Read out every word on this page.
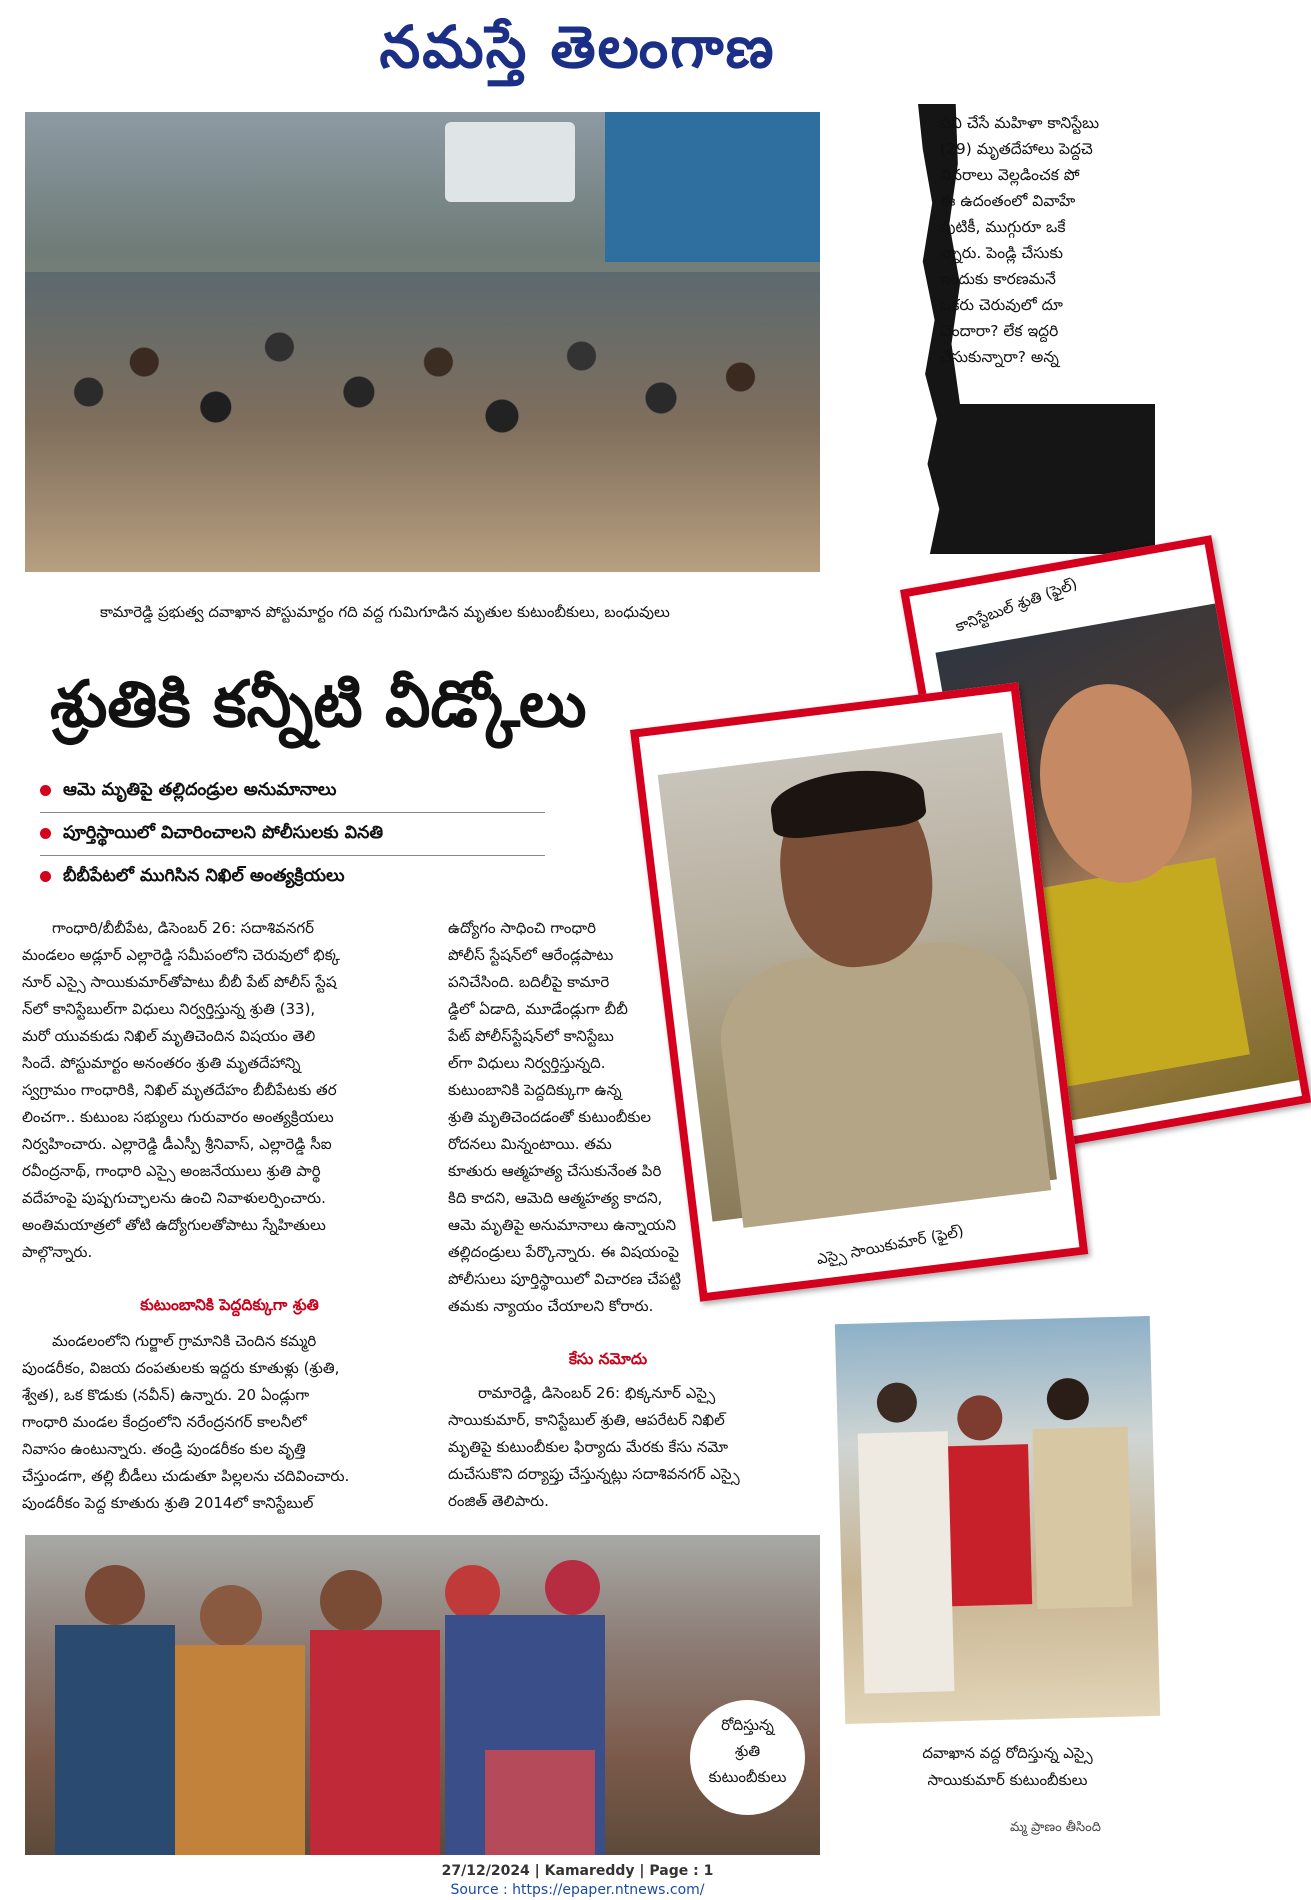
నమస్తే తెలంగాణ
పని చేసే మహిళా కానిస్టేబు
(29) మృతదేహాలు పెద్దచె
వివరాలు వెల్లడించక పో
ఈ ఉదంతంలో వివాహే
పుటికీ, ముగ్గురూ ఒకే
న్నారు. పెండ్లి చేసుకు
ఇందుకు కారణమనే
ఒకరు చెరువులో దూ
చెందారా? లేక ఇద్దరి
చేసుకున్నారా? అన్న
కామారెడ్డి ప్రభుత్వ దవాఖాన పోస్టుమార్టం గది వద్ద గుమిగూడిన మృతుల కుటుంబీకులు, బంధువులు	కానిస్టేబుల్ శ్రుతి (ఫైల్)
శ్రుతికి కన్నీటి వీడ్కోలు
ఆమె మృతిపై తల్లిదండ్రుల అనుమానాలు
పూర్తిస్థాయిలో విచారించాలని పోలీసులకు వినతి
బీబీపేటలో ముగిసిన నిఖిల్ అంత్యక్రియలు
ఎస్సై సాయికుమార్ (ఫైల్)
గాంధారి/బీబీపేట, డిసెంబర్ 26: సదాశివనగర్
మండలం అడ్లూర్ ఎల్లారెడ్డి సమీపంలోని చెరువులో భిక్క
నూర్ ఎస్సై సాయికుమార్‌తోపాటు బీబీ పేట్ పోలీస్ స్టేష
న్‌లో కానిస్టేబుల్‌గా విధులు నిర్వర్తిస్తున్న శ్రుతి (33),
మరో యువకుడు నిఖిల్ మృతిచెందిన విషయం తెలి
సిందే. పోస్టుమార్టం అనంతరం శ్రుతి మృతదేహాన్ని
స్వగ్రామం గాంధారికి, నిఖిల్ మృతదేహం బీబీపేటకు తర
లించగా.. కుటుంబ సభ్యులు గురువారం అంత్యక్రియలు
నిర్వహించారు. ఎల్లారెడ్డి డీఎస్పీ శ్రీనివాస్, ఎల్లారెడ్డి సీఐ
రవీంద్రనాథ్, గాంధారి ఎస్సై అంజనేయులు శ్రుతి పార్థి
వదేహంపై పుష్పగుచ్ఛాలను ఉంచి నివాళులర్పించారు.
అంతిమయాత్రలో తోటి ఉద్యోగులతోపాటు స్నేహితులు
పాల్గొన్నారు.
కుటుంబానికి పెద్దదిక్కుగా శ్రుతి
మండలంలోని గుర్జాల్ గ్రామానికి చెందిన కమ్మరి
పుండరీకం, విజయ దంపతులకు ఇద్దరు కూతుళ్లు (శ్రుతి,
శ్వేత), ఒక కొడుకు (నవీన్) ఉన్నారు. 20 ఏండ్లుగా
గాంధారి మండల కేంద్రంలోని నరేంద్రనగర్ కాలనీలో
నివాసం ఉంటున్నారు. తండ్రి పుండరీకం కుల వృత్తి
చేస్తుండగా, తల్లి బీడీలు చుడుతూ పిల్లలను చదివించారు.
పుండరీకం పెద్ద కూతురు శ్రుతి 2014లో కానిస్టేబుల్
ఉద్యోగం సాధించి గాంధారి
పోలీస్ స్టేషన్‌లో ఆరేండ్లపాటు
పనిచేసింది. బదిలీపై కామారె
డ్డిలో ఏడాది, మూడేండ్లుగా బీబీ
పేట్ పోలీస్‌స్టేషన్‌లో కానిస్టేబు
ల్‌గా విధులు నిర్వర్తిస్తున్నది.
కుటుంబానికి పెద్దదిక్కుగా ఉన్న
శ్రుతి మృతిచెందడంతో కుటుంబీకుల
రోదనలు మిన్నంటాయి. తమ
కూతురు ఆత్మహత్య చేసుకునేంత పిరి
కిది కాదని, ఆమెది ఆత్మహత్య కాదని,
ఆమె మృతిపై అనుమానాలు ఉన్నాయని
తల్లిదండ్రులు పేర్కొన్నారు. ఈ విషయంపై
పోలీసులు పూర్తిస్థాయిలో విచారణ చేపట్టి
తమకు న్యాయం చేయాలని కోరారు.
కేసు నమోదు
రామారెడ్డి, డిసెంబర్ 26: భిక్కనూర్ ఎస్సై
సాయికుమార్, కానిస్టేబుల్ శ్రుతి, ఆపరేటర్ నిఖిల్
మృతిపై కుటుంబీకుల ఫిర్యాదు మేరకు కేసు నమో
దుచేసుకొని దర్యాప్తు చేస్తున్నట్లు సదాశివనగర్ ఎస్సై
రంజిత్ తెలిపారు.
దవాఖాన వద్ద రోదిస్తున్న ఎస్సై
సాయికుమార్ కుటుంబీకులు
మ్మ ప్రాణం తీసింది
రోదిస్తున్న
శ్రుతి
కుటుంబీకులు
27/12/2024 | Kamareddy | Page : 1
Source : https://epaper.ntnews.com/
